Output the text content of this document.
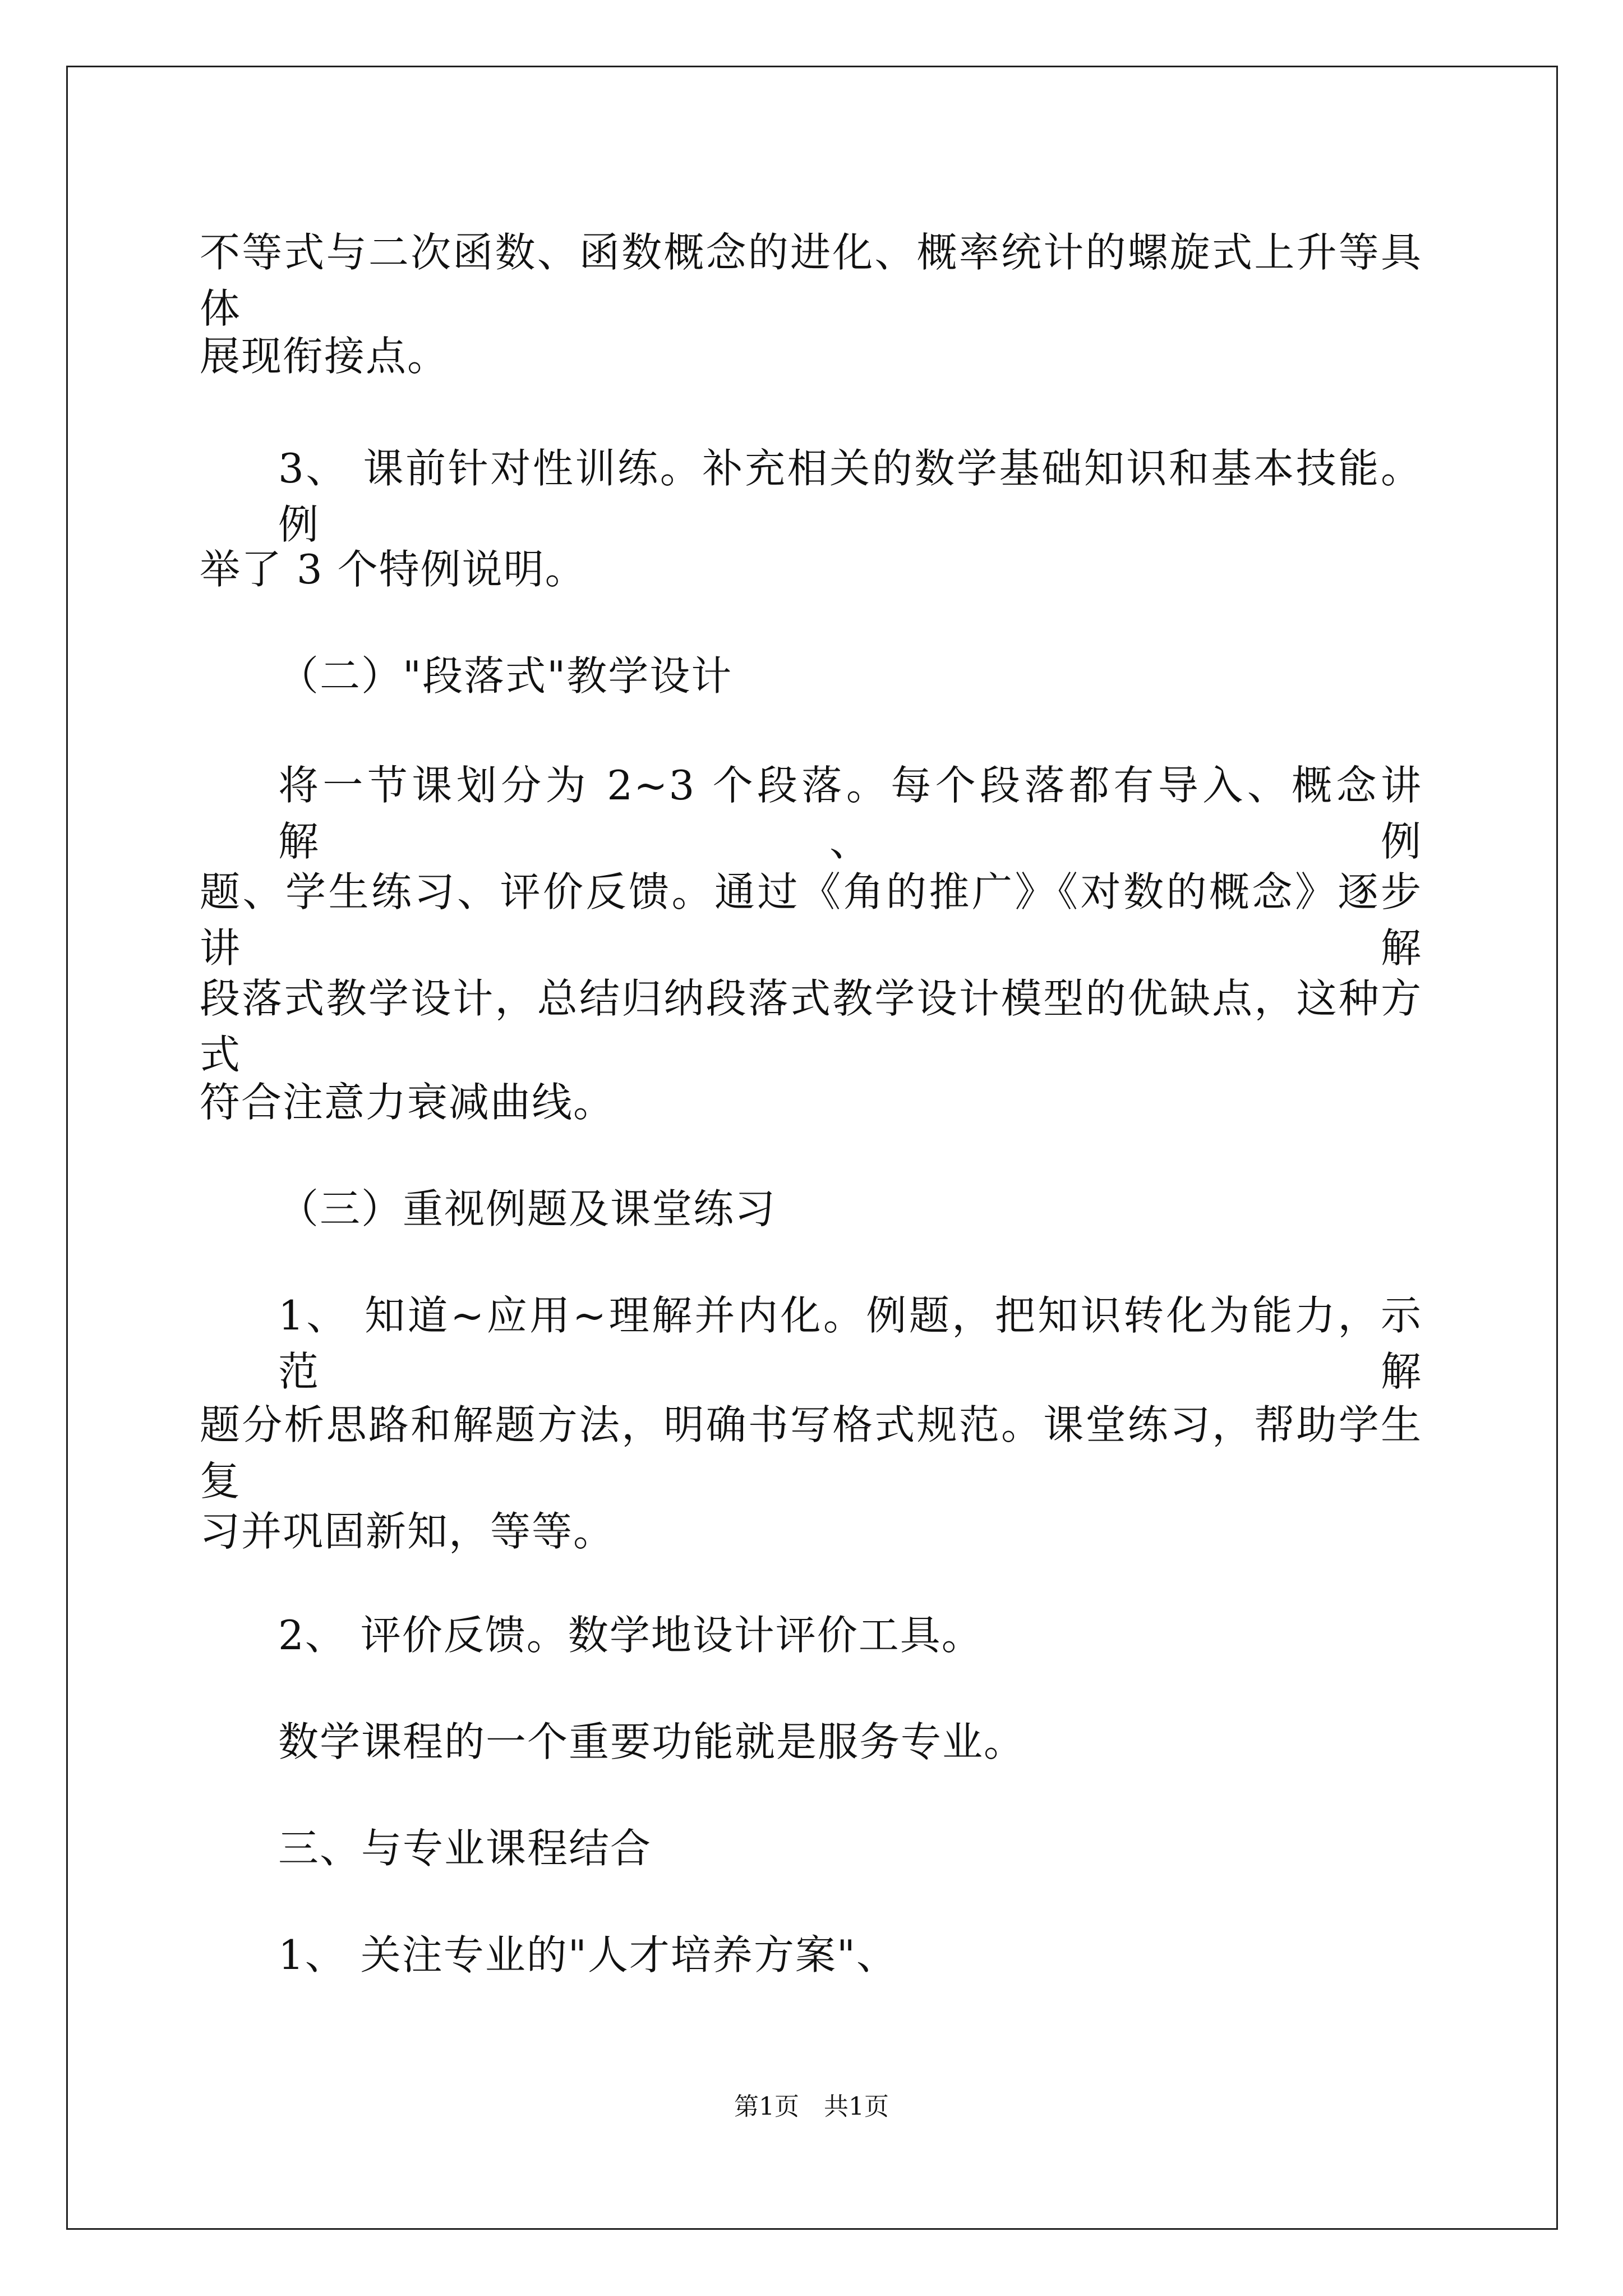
不等式与二次函数、函数概念的进化、概率统计的螺旋式上升等具体
展现衔接点。
3、 课前针对性训练。补充相关的数学基础知识和基本技能。例
举了 3 个特例说明。
（二）"段落式"教学设计
将一节课划分为 2~3 个段落。每个段落都有导入、概念讲解、例
题、学生练习、评价反馈。通过《角的推广》《对数的概念》逐步讲解
段落式教学设计，总结归纳段落式教学设计模型的优缺点，这种方式
符合注意力衰减曲线。
（三）重视例题及课堂练习
1、 知道~应用~理解并内化。例题，把知识转化为能力，示范解
题分析思路和解题方法，明确书写格式规范。课堂练习，帮助学生复
习并巩固新知，等等。
2、 评价反馈。数学地设计评价工具。
数学课程的一个重要功能就是服务专业。
三、与专业课程结合
1、 关注专业的"人才培养方案"、
第1页　共1页
